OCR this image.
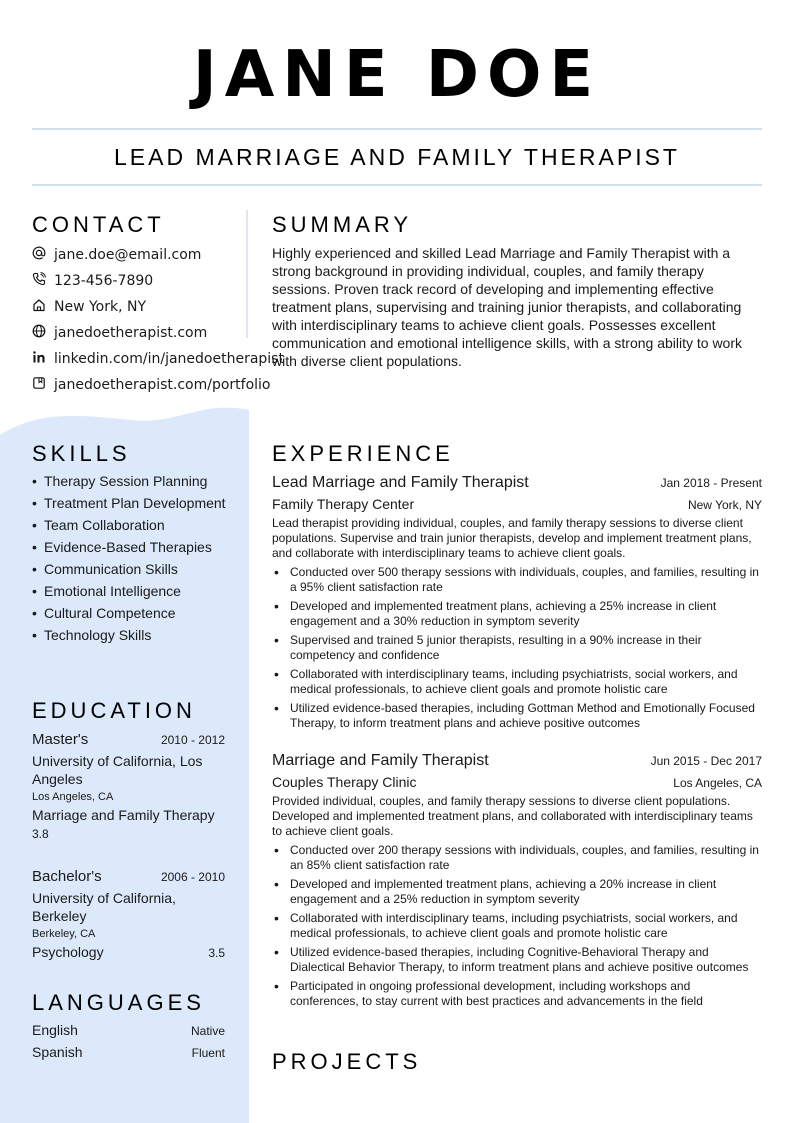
JANE DOE
LEAD MARRIAGE AND FAMILY THERAPIST
CONTACT
jane.doe@email.com
123-456-7890
New York, NY
janedoetherapist.com
linkedin.com/in/janedoetherapist
janedoetherapist.com/portfolio
SUMMARY

Highly experienced and skilled Lead Marriage and Family Therapist with a strong background in providing individual, couples, and family therapy sessions. Proven track record of developing and implementing effective treatment plans, supervising and training junior therapists, and collaborating with interdisciplinary teams to achieve client goals. Possesses excellent communication and emotional intelligence skills, with a strong ability to work with diverse client populations.

SKILLS
• Therapy Session Planning
• Treatment Plan Development
• Team Collaboration
• Evidence-Based Therapies
• Communication Skills
• Emotional Intelligence
• Cultural Competence
• Technology Skills
EDUCATION
Master's	2010 - 2012
University of California, Los Angeles
Los Angeles, CA
Marriage and Family Therapy
3.8
Bachelor's	2006 - 2010
University of California, Berkeley
Berkeley, CA
Psychology	3.5
LANGUAGES
English	Native
Spanish	Fluent
EXPERIENCE
Lead Marriage and Family Therapist	Jan 2018 - Present
Family Therapy Center	New York, NY

Lead therapist providing individual, couples, and family therapy sessions to diverse client populations. Supervise and train junior therapists, develop and implement treatment plans, and collaborate with interdisciplinary teams to achieve client goals.

• Conducted over 500 therapy sessions with individuals, couples, and families, resulting in a 95% client satisfaction rate
• Developed and implemented treatment plans, achieving a 25% increase in client engagement and a 30% reduction in symptom severity
• Supervised and trained 5 junior therapists, resulting in a 90% increase in their competency and confidence
• Collaborated with interdisciplinary teams, including psychiatrists, social workers, and medical professionals, to achieve client goals and promote holistic care
• Utilized evidence-based therapies, including Gottman Method and Emotionally Focused Therapy, to inform treatment plans and achieve positive outcomes
Marriage and Family Therapist	Jun 2015 - Dec 2017
Couples Therapy Clinic	Los Angeles, CA

Provided individual, couples, and family therapy sessions to diverse client populations. Developed and implemented treatment plans, and collaborated with interdisciplinary teams to achieve client goals.

• Conducted over 200 therapy sessions with individuals, couples, and families, resulting in an 85% client satisfaction rate
• Developed and implemented treatment plans, achieving a 20% increase in client engagement and a 25% reduction in symptom severity
• Collaborated with interdisciplinary teams, including psychiatrists, social workers, and medical professionals, to achieve client goals and promote holistic care
• Utilized evidence-based therapies, including Cognitive-Behavioral Therapy and Dialectical Behavior Therapy, to inform treatment plans and achieve positive outcomes
• Participated in ongoing professional development, including workshops and conferences, to stay current with best practices and advancements in the field
PROJECTS
